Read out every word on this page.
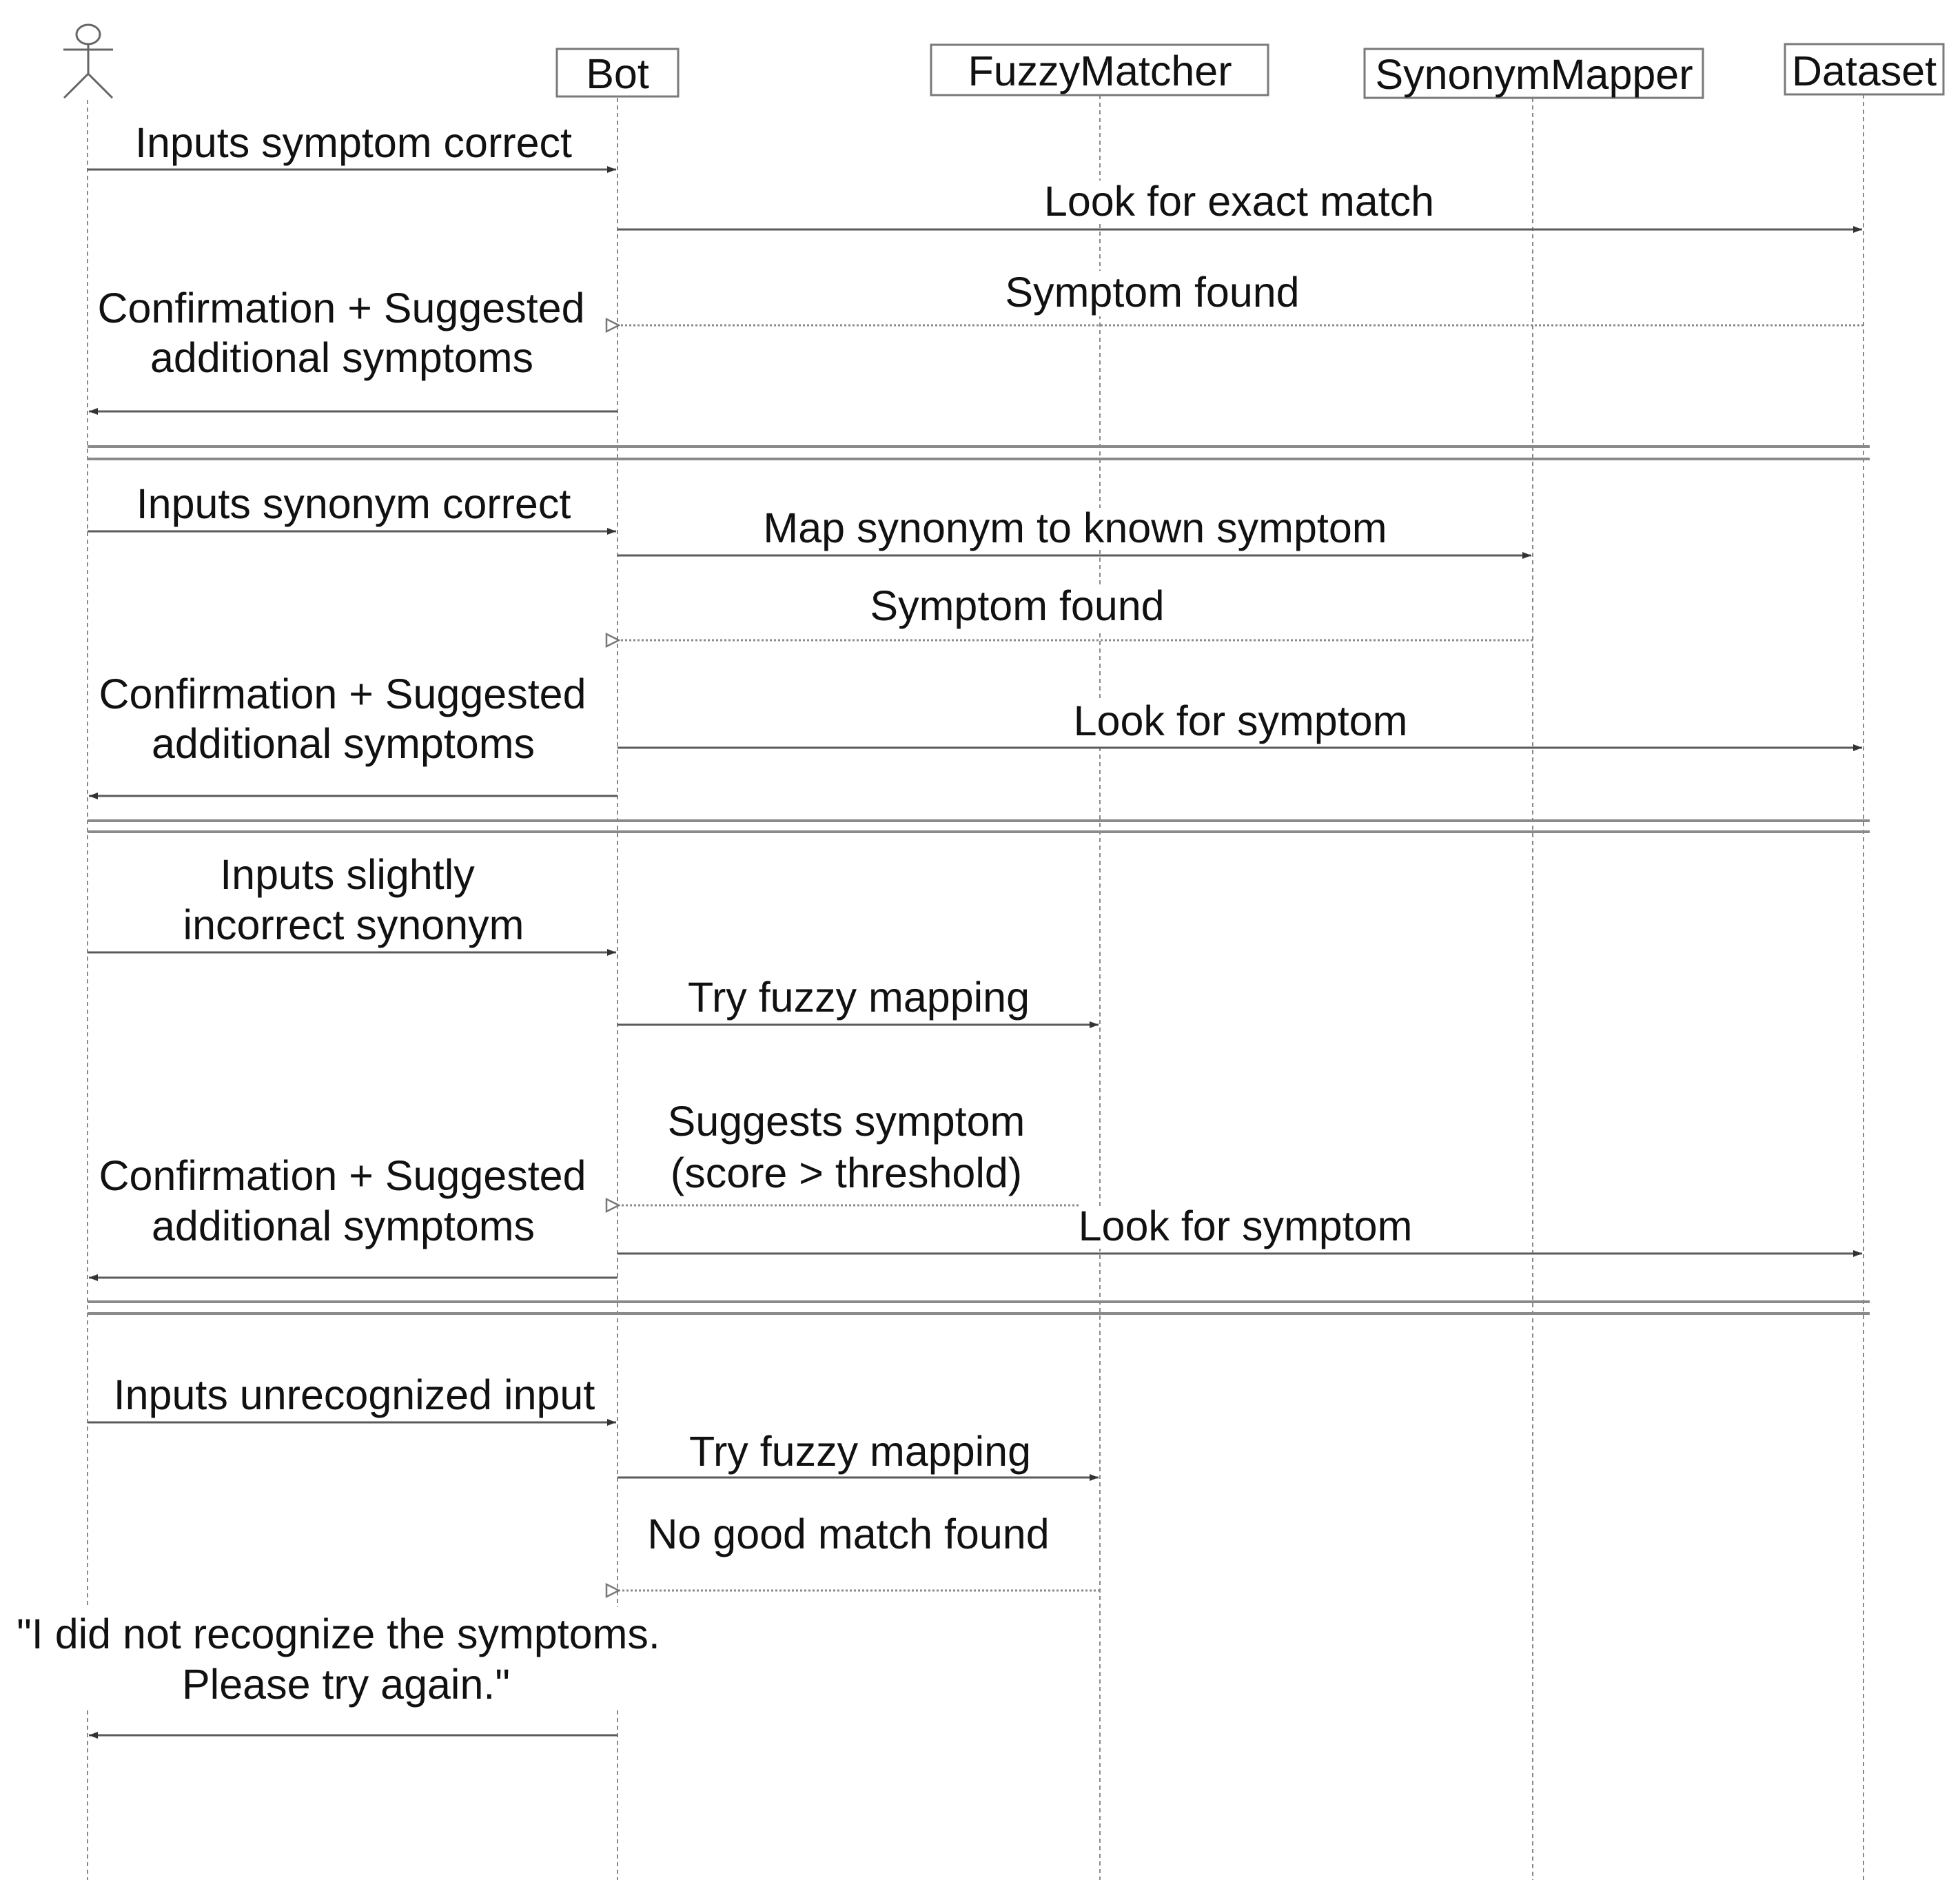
Bot	FuzzyMatcher	SynonymMapper Dataset
Inputs symptom correct
Look for exact match
Symptom found
Confirmation + Suggested
additional symptoms
Inputs synonym correct
Map synonym to known symptom
Symptom found
Look for symptom
Confirmation + Suggested
additional symptoms
Inputs slightly
incorrect synonym
Try fuzzy mapping
Suggests symptom
(score > threshold)
Look for symptom
Confirmation + Suggested
additional symptoms
Inputs unrecognized input
Try fuzzy mapping
No good match found
"I did not recognize the symptoms.
Please try again."
